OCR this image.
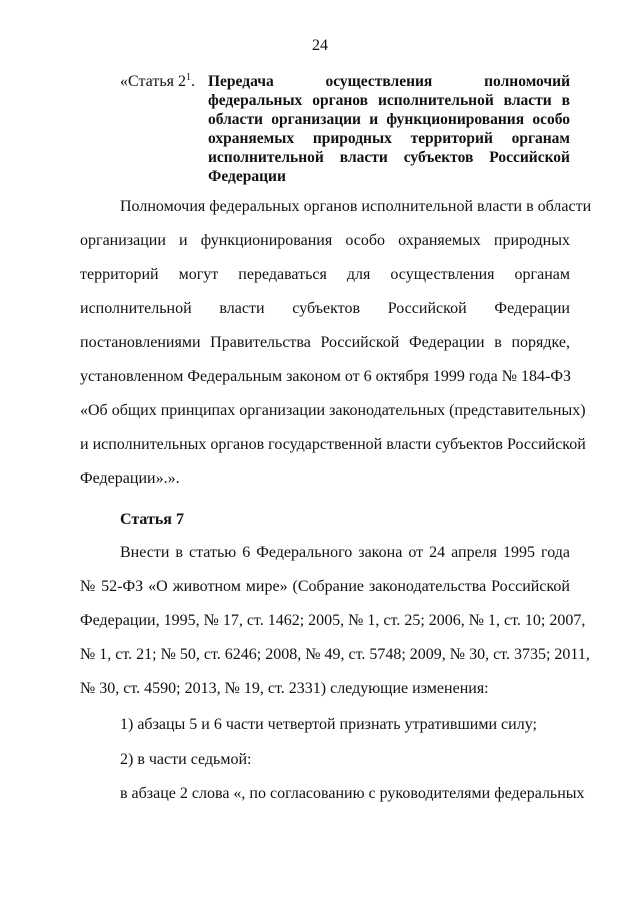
24
«Статья $2^1$. Передача осуществления полномочий федеральных органов исполнительной власти в области организации и функционирования особо охраняемых природных территорий органам исполнительной власти субъектов Российской Федерации
Полномочия федеральных органов исполнительной власти в области
организации и функционирования особо охраняемых природных
территорий могут передаваться для осуществления органам
исполнительной власти субъектов Российской Федерации
постановлениями Правительства Российской Федерации в порядке,
установленном Федеральным законом от 6 октября 1999 года № 184-ФЗ
«Об общих принципах организации законодательных (представительных)
и исполнительных органов государственной власти субъектов Российской
Федерации».».
Статья 7
Внести в статью 6 Федерального закона от 24 апреля 1995 года
№ 52-ФЗ «О животном мире» (Собрание законодательства Российской
Федерации, 1995, № 17, ст. 1462; 2005, № 1, ст. 25; 2006, № 1, ст. 10; 2007,
№ 1, ст. 21; № 50, ст. 6246; 2008, № 49, ст. 5748; 2009, № 30, ст. 3735; 2011,
№ 30, ст. 4590; 2013, № 19, ст. 2331) следующие изменения:
1) абзацы 5 и 6 части четвертой признать утратившими силу;
2) в части седьмой:
в абзаце 2 слова «, по согласованию с руководителями федеральных
